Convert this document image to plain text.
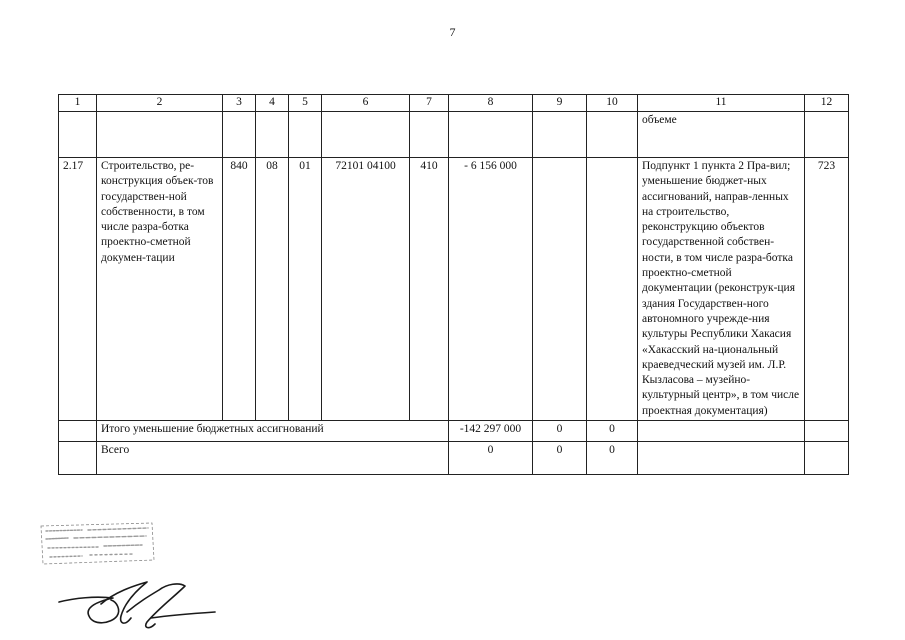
7
1	2	3	4	5	6	7	8	9	10	11	12
										объеме	
2.17	Строительство, ре-конструкция объек-тов государствен-ной собственности, в том числе разра-ботка проектно-сметной докумен-тации	840	08	01	72101 04100	410	- 6 156 000			Подпункт 1 пункта 2 Пра-вил; уменьшение бюджет-ных ассигнований, направ-ленных на строительство, реконструкцию объектов государственной собствен-ности, в том числе разра-ботка проектно-сметной документации (реконструк-ция здания Государствен-ного автономного учрежде-ния культуры Республики Хакасия «Хакасский на-циональный краеведческий музей им. Л.Р. Кызласова – музейно-культурный центр», в том числе проектная документация)	723
	Итого уменьшение бюджетных ассигнований						-142 297 000	0	0		
	Всего						0	0	0		
